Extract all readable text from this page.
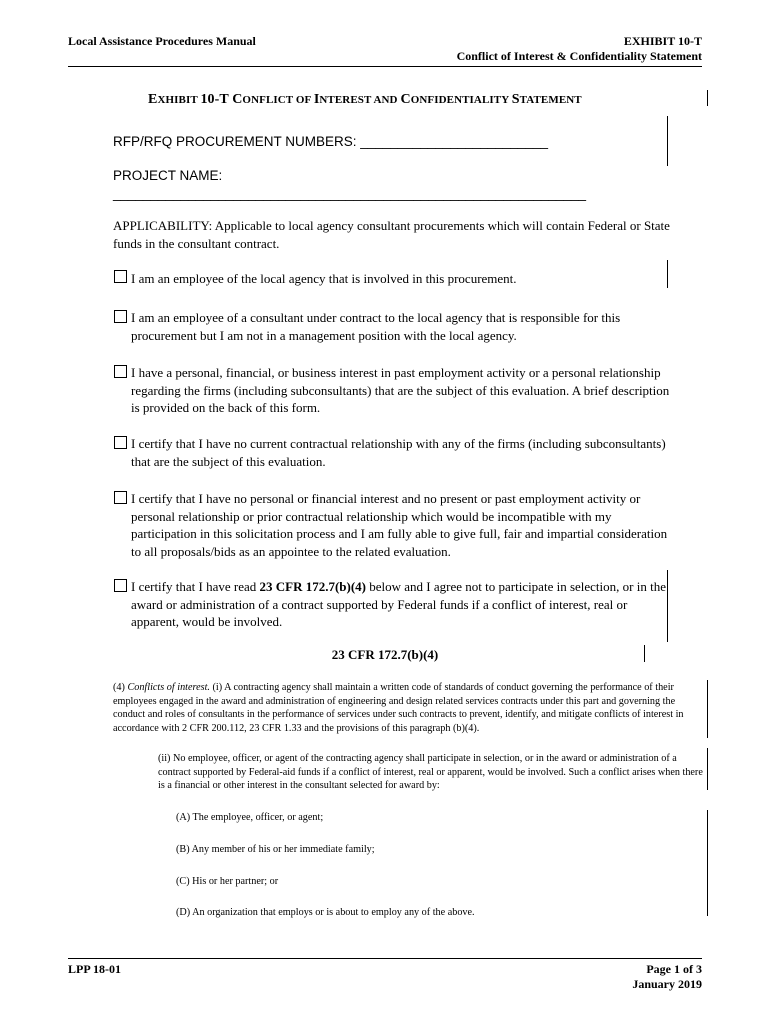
Local Assistance Procedures Manual	EXHIBIT 10-T
Conflict of Interest & Confidentiality Statement
EXHIBIT 10-T CONFLICT OF INTEREST AND CONFIDENTIALITY STATEMENT
RFP/RFQ PROCUREMENT NUMBERS: _________________________
PROJECT NAME:
_______________________________________________________________
APPLICABILITY: Applicable to local agency consultant procurements which will contain Federal or State funds in the consultant contract.
I am an employee of the local agency that is involved in this procurement.
I am an employee of a consultant under contract to the local agency that is responsible for this procurement but I am not in a management position with the local agency.
I have a personal, financial, or business interest in past employment activity or a personal relationship regarding the firms (including subconsultants) that are the subject of this evaluation. A brief description is provided on the back of this form.
I certify that I have no current contractual relationship with any of the firms (including subconsultants) that are the subject of this evaluation.
I certify that I have no personal or financial interest and no present or past employment activity or personal relationship or prior contractual relationship which would be incompatible with my participation in this solicitation process and I am fully able to give full, fair and impartial consideration to all proposals/bids as an appointee to the related evaluation.
I certify that I have read 23 CFR 172.7(b)(4) below and I agree not to participate in selection, or in the award or administration of a contract supported by Federal funds if a conflict of interest, real or apparent, would be involved.
23 CFR 172.7(b)(4)
(4) Conflicts of interest. (i) A contracting agency shall maintain a written code of standards of conduct governing the performance of their employees engaged in the award and administration of engineering and design related services contracts under this part and governing the conduct and roles of consultants in the performance of services under such contracts to prevent, identify, and mitigate conflicts of interest in accordance with 2 CFR 200.112, 23 CFR 1.33 and the provisions of this paragraph (b)(4).
(ii) No employee, officer, or agent of the contracting agency shall participate in selection, or in the award or administration of a contract supported by Federal-aid funds if a conflict of interest, real or apparent, would be involved. Such a conflict arises when there is a financial or other interest in the consultant selected for award by:
(A) The employee, officer, or agent;
(B) Any member of his or her immediate family;
(C) His or her partner; or
(D) An organization that employs or is about to employ any of the above.
LPP 18-01	Page 1 of 3
January 2019
